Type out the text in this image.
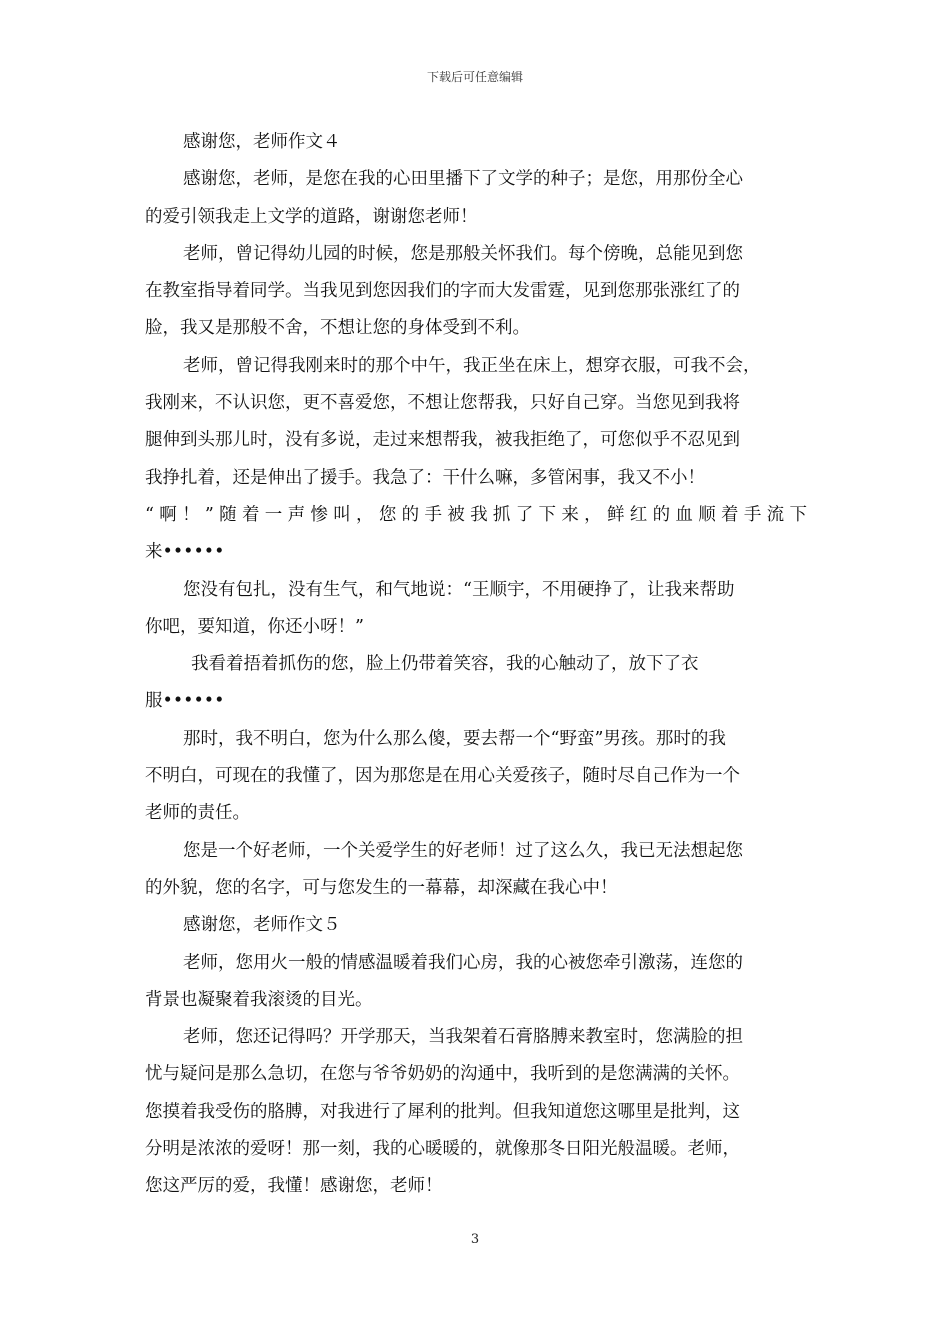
下载后可任意编辑
感谢您，老师作文４
感谢您，老师，是您在我的心田里播下了文学的种子；是您，用那份全心
的爱引领我走上文学的道路，谢谢您老师！
老师，曾记得幼儿园的时候，您是那般关怀我们。每个傍晚，总能见到您
在教室指导着同学。当我见到您因我们的字而大发雷霆，见到您那张涨红了的
脸，我又是那般不舍，不想让您的身体受到不利。
老师，曾记得我刚来时的那个中午，我正坐在床上，想穿衣服，可我不会，
我刚来，不认识您，更不喜爱您，不想让您帮我，只好自己穿。当您见到我将
腿伸到头那儿时，没有多说，走过来想帮我，被我拒绝了，可您似乎不忍见到
我挣扎着，还是伸出了援手。我急了：干什么嘛，多管闲事，我又不小！
“啊！”随着一声惨叫，您的手被我抓了下来，鲜红的血顺着手流下
来••••••
您没有包扎，没有生气，和气地说：“王顺宇，不用硬挣了，让我来帮助
你吧，要知道，你还小呀！”
我看着捂着抓伤的您，脸上仍带着笑容，我的心触动了，放下了衣
服••••••
那时，我不明白，您为什么那么傻，要去帮一个“野蛮”男孩。那时的我
不明白，可现在的我懂了，因为那您是在用心关爱孩子，随时尽自己作为一个
老师的责任。
您是一个好老师，一个关爱学生的好老师！过了这么久，我已无法想起您
的外貌，您的名字，可与您发生的一幕幕，却深藏在我心中！
感谢您，老师作文５
老师，您用火一般的情感温暖着我们心房，我的心被您牵引激荡，连您的
背景也凝聚着我滚烫的目光。
老师，您还记得吗？开学那天，当我架着石膏胳膊来教室时，您满脸的担
忧与疑问是那么急切，在您与爷爷奶奶的沟通中，我听到的是您满满的关怀。
您摸着我受伤的胳膊，对我进行了犀利的批判。但我知道您这哪里是批判，这
分明是浓浓的爱呀！那一刻，我的心暖暖的，就像那冬日阳光般温暖。老师，
您这严厉的爱，我懂！感谢您，老师！
3
